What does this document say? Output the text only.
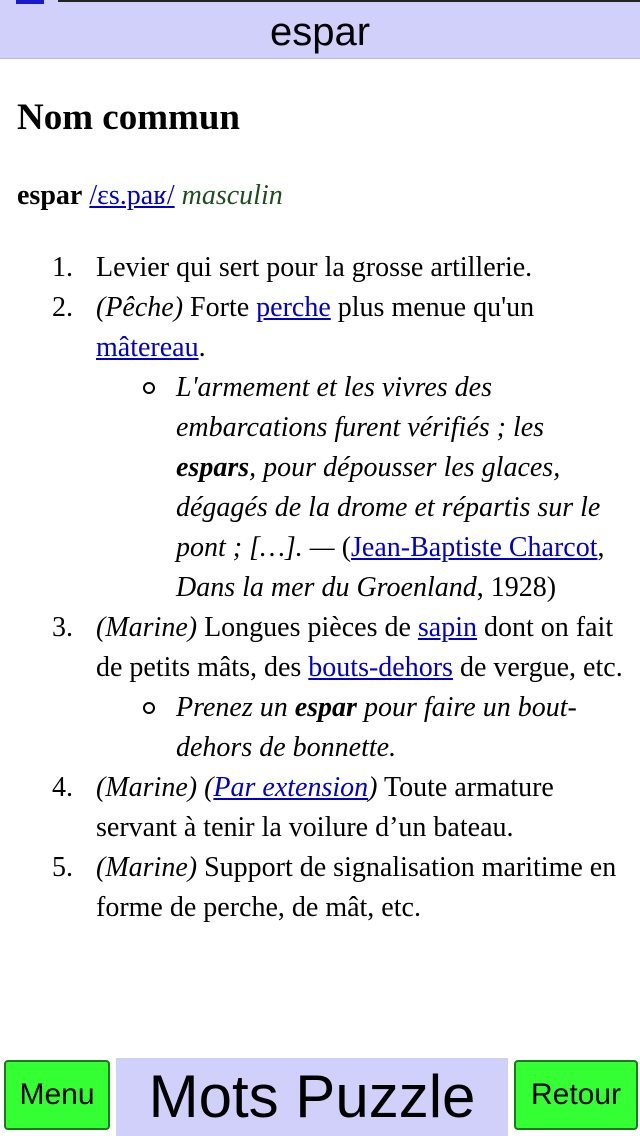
espar
Nom commun
espar /ɛs.paʁ/ masculin
1. Levier qui sert pour la grosse artillerie.
2. (Pêche) Forte perche plus menue qu'un mâtereau.
L'armement et les vivres des embarcations furent vérifiés ; les espars, pour dépousser les glaces, dégagés de la drome et répartis sur le pont ; […]. — (Jean-Baptiste Charcot, Dans la mer du Groenland, 1928)
3. (Marine) Longues pièces de sapin dont on fait de petits mâts, des bouts-dehors de vergue, etc.
Prenez un espar pour faire un bout-dehors de bonnette.
4. (Marine) (Par extension) Toute armature servant à tenir la voilure d’un bateau.
5. (Marine) Support de signalisation maritime en forme de perche, de mât, etc.
Menu Mots Puzzle	Retour
